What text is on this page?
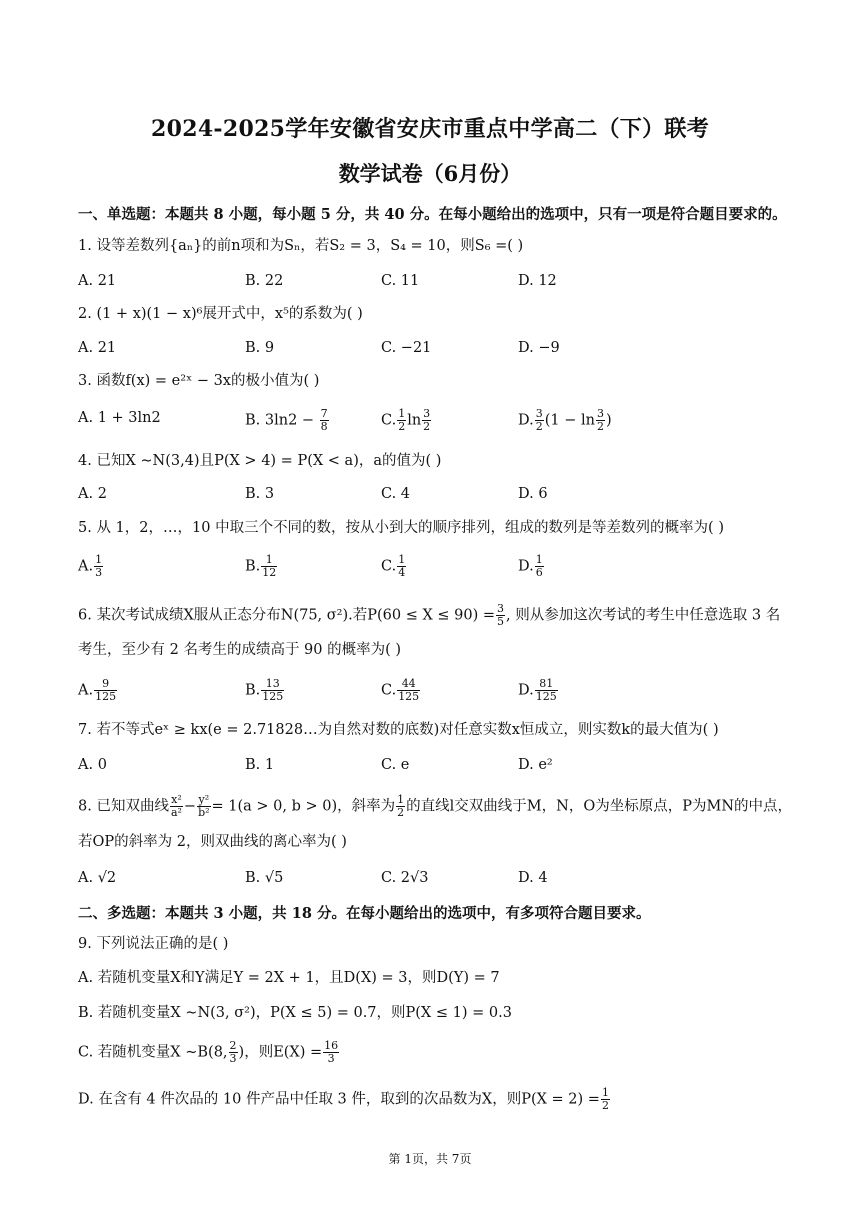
2024-2025学年安徽省安庆市重点中学高二（下）联考
数学试卷（6月份）
一、单选题：本题共 8 小题，每小题 5 分，共 40 分。在每小题给出的选项中，只有一项是符合题目要求的。
1. 设等差数列{aₙ}的前n项和为Sₙ，若S₂ = 3，S₄ = 10，则S₆ =( )
A. 21	B. 22	C. 11	D. 12
2. (1 + x)(1 − x)⁶展开式中，x⁵的系数为( )
A. 21	B. 9	C. −21	D. −9
3. 函数f(x) = e²ˣ − 3x的极小值为( )
A. 1 + 3ln2	B. $3\ln 2 - \frac{7}{8}$	C. $\frac{1}{2}$ $\ln \frac{3}{2}$	D. $\frac{3}{2} (1 - \ln \frac{3}{2}$ )
4. 已知X ∼N(3,4)且P(X > 4) = P(X < a)，a的值为( )
A. 2	B. 3	C. 4	D. 6
5. 从 1，2，…，10 中取三个不同的数，按从小到大的顺序排列，组成的数列是等差数列的概率为( )
A. $\frac{1}{3}$	B. $\frac{1}{12}$	C. $\frac{1}{4}$	D. $\frac{1}{6}$
6. 某次考试成绩X服从正态分布N(75, σ²).若$P(60 \le X \le 90) = \frac{3}{5}$ , 则从参加这次考试的考生中任意选取 3 名
考生，至少有 2 名考生的成绩高于 90 的概率为( )
A. $\frac{9}{125}$	B. $\frac{13}{125}$	C. $\frac{44}{125}$	D. $\frac{81}{125}$
7. 若不等式eˣ ≥ kx(e = 2.71828…为自然对数的底数)对任意实数x恒成立，则实数k的最大值为( )
A. 0	B. 1	C. e	D. e²
8. 已知双曲线 $\frac{\text{x²}}{\text{a²}} - \frac{\text{y²}}{\text{b²}} = 1(a > 0$, b > 0)，斜率为 $\frac{1}{2}$ 的直线l交双曲线于M，N，O为坐标原点，P为MN的中点，
若OP的斜率为 2，则双曲线的离心率为( )
A. √2	B. √5	C. 2√3	D. 4
二、多选题：本题共 3 小题，共 18 分。在每小题给出的选项中，有多项符合题目要求。
9. 下列说法正确的是( )
A. 若随机变量X和Y满足Y = 2X + 1，且D(X) = 3，则D(Y) = 7
B. 若随机变量X ∼N(3, σ²)，P(X ≤ 5) = 0.7，则P(X ≤ 1) = 0.3
C. 若随机变量X ∼B(8, $\frac{2}{3}$ )，则$E(X) = \frac{16}{3}$
D. 在含有 4 件次品的 10 件产品中任取 3 件，取到的次品数为X，则$P(X = 2) = \frac{1}{2}$
第 1页，共 7页
